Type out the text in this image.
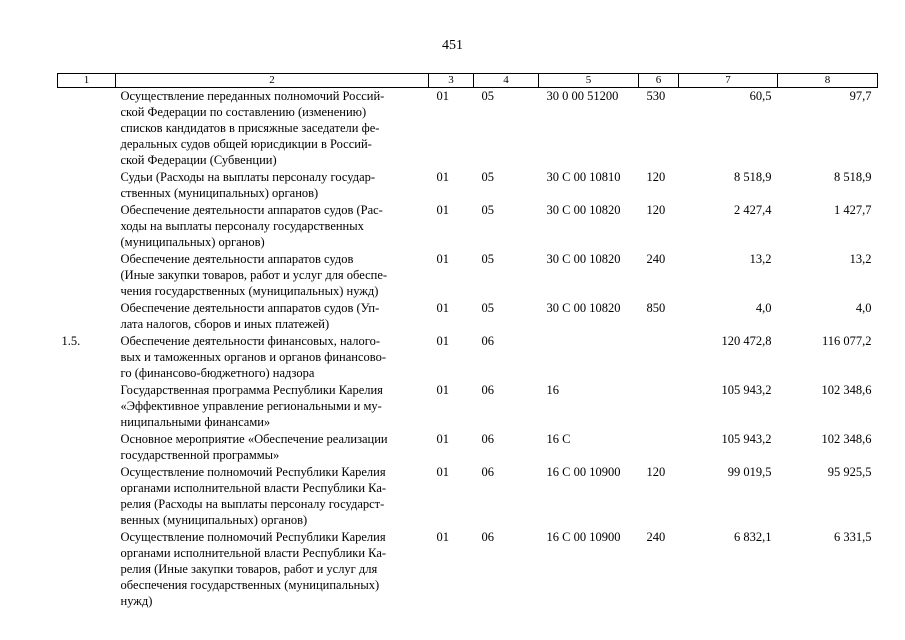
451
1	2	3	4	5	6	7	8

	Осуществление переданных полномочий Россий-
ской Федерации по составлению (изменению)
списков кандидатов в присяжные заседатели фе-
деральных судов общей юрисдикции в Россий-
ской Федерации (Субвенции)	01	05	30 0 00 51200	530	60,5	97,7

	Судьи (Расходы на выплаты персоналу государ-
ственных (муниципальных) органов)	01	05	30 С 00 10810	120	8 518,9	8 518,9

	Обеспечение деятельности аппаратов судов (Рас-
ходы на выплаты персоналу государственных
(муниципальных) органов)	01	05	30 С 00 10820	120	2 427,4	1 427,7

	Обеспечение деятельности аппаратов судов
(Иные закупки товаров, работ и услуг для обеспе-
чения государственных (муниципальных) нужд)	01	05	30 С 00 10820	240	13,2	13,2

	Обеспечение деятельности аппаратов судов (Уп-
лата налогов, сборов и иных платежей)	01	05	30 С 00 10820	850	4,0	4,0
1.5.	Обеспечение деятельности финансовых, налого-
вых и таможенных органов и органов финансово-
го (финансово-бюджетного) надзора	01	06			120 472,8	116 077,2

	Государственная программа Республики Карелия
«Эффективное управление региональными и му-
ниципальными финансами»	01	06	16		105 943,2	102 348,6

	Основное мероприятие «Обеспечение реализации
государственной программы»	01	06	16 С		105 943,2	102 348,6

	Осуществление полномочий Республики Карелия
органами исполнительной власти Республики Ка-
релия (Расходы на выплаты персоналу государст-
венных (муниципальных) органов)	01	06	16 С 00 10900	120	99 019,5	95 925,5

	Осуществление полномочий Республики Карелия
органами исполнительной власти Республики Ка-
релия (Иные закупки товаров, работ и услуг для
обеспечения государственных (муниципальных)
нужд)	01	06	16 С 00 10900	240	6 832,1	6 331,5
